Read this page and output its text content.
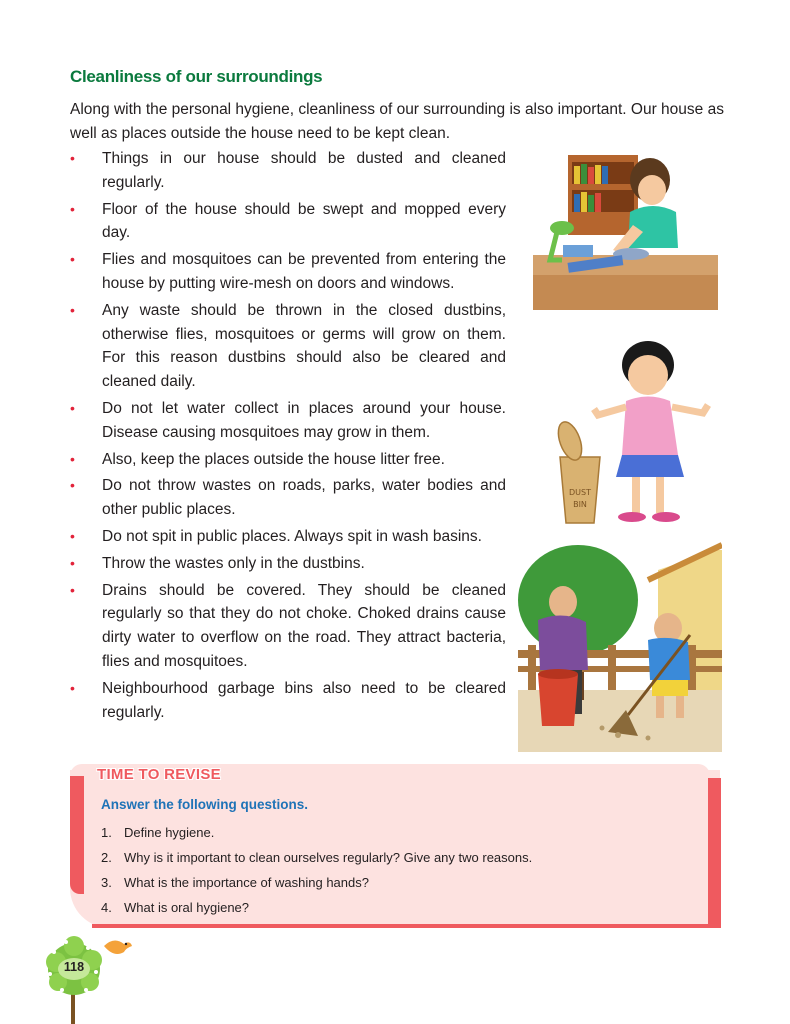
Cleanliness of our surroundings

Along with the personal hygiene, cleanliness of our surrounding is also important. Our house as well as places outside the house need to be kept clean.

• Things in our house should be dusted and cleaned regularly.
• Floor of the house should be swept and mopped every day.
• Flies and mosquitoes can be prevented from entering the house by putting wire-mesh on doors and windows.
• Any waste should be thrown in the closed dustbins, otherwise flies, mosquitoes or germs will grow on them. For this reason dustbins should also be cleared and cleaned daily.
• Do not let water collect in places around your house. Disease causing mosquitoes may grow in them.
• Also, keep the places outside the house litter free.
• Do not throw wastes on roads, parks, water bodies and other public places.
• Do not spit in public places. Always spit in wash basins.
• Throw the wastes only in the dustbins.
• Drains should be covered. They should be cleaned regularly so that they do not choke. Choked drains cause dirty water to overflow on the road. They attract bacteria, flies and mosquitoes.
• Neighbourhood garbage bins also need to be cleared regularly.
DUST
BIN
TIME TO REVISE

Answer the following questions.

1. Define hygiene.
2. Why is it important to clean ourselves regularly? Give any two reasons.
3. What is the importance of washing hands?
4. What is oral hygiene?
118
